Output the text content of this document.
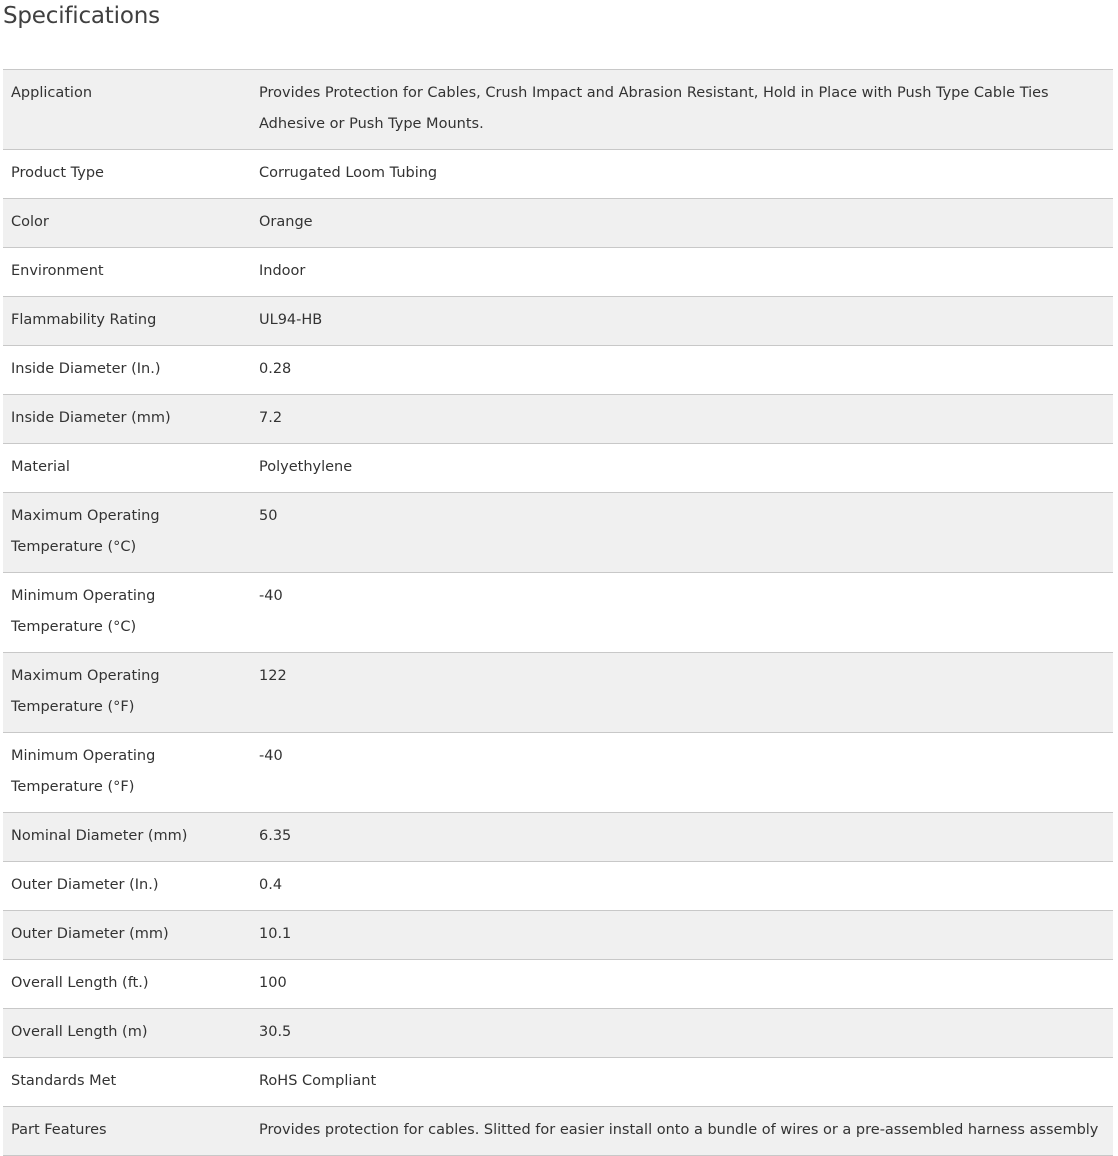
Specifications
Application	Provides Protection for Cables, Crush Impact and Abrasion Resistant, Hold in Place with Push Type Cable Ties Adhesive or Push Type Mounts.
Product Type	Corrugated Loom Tubing
Color	Orange
Environment	Indoor
Flammability Rating	UL94-HB
Inside Diameter (In.)	0.28
Inside Diameter (mm)	7.2
Material	Polyethylene
Maximum Operating Temperature (°C)	50
Minimum Operating Temperature (°C)	-40
Maximum Operating Temperature (°F)	122
Minimum Operating Temperature (°F)	-40
Nominal Diameter (mm)	6.35
Outer Diameter (In.)	0.4
Outer Diameter (mm)	10.1
Overall Length (ft.)	100
Overall Length (m)	30.5
Standards Met	RoHS Compliant
Part Features	Provides protection for cables. Slitted for easier install onto a bundle of wires or a pre-assembled harness assembly
